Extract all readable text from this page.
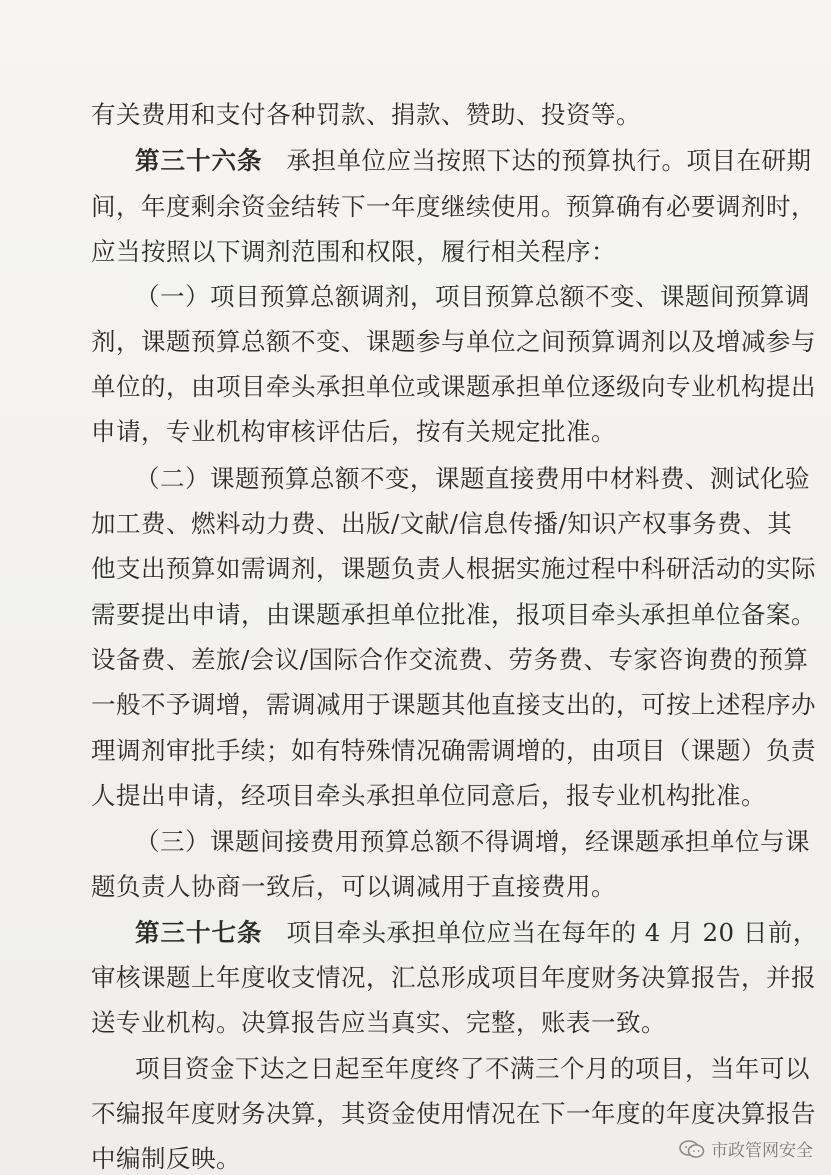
有关费用和支付各种罚款、捐款、赞助、投资等。
第三十六条 承担单位应当按照下达的预算执行。项目在研期
间，年度剩余资金结转下一年度继续使用。预算确有必要调剂时，
应当按照以下调剂范围和权限，履行相关程序：
（一）项目预算总额调剂，项目预算总额不变、课题间预算调
剂，课题预算总额不变、课题参与单位之间预算调剂以及增减参与
单位的，由项目牵头承担单位或课题承担单位逐级向专业机构提出
申请，专业机构审核评估后，按有关规定批准。
（二）课题预算总额不变，课题直接费用中材料费、测试化验
加工费、燃料动力费、出版/文献/信息传播/知识产权事务费、其
他支出预算如需调剂，课题负责人根据实施过程中科研活动的实际
需要提出申请，由课题承担单位批准，报项目牵头承担单位备案。
设备费、差旅/会议/国际合作交流费、劳务费、专家咨询费的预算
一般不予调增，需调减用于课题其他直接支出的，可按上述程序办
理调剂审批手续；如有特殊情况确需调增的，由项目（课题）负责
人提出申请，经项目牵头承担单位同意后，报专业机构批准。
（三）课题间接费用预算总额不得调增，经课题承担单位与课
题负责人协商一致后，可以调减用于直接费用。
第三十七条 项目牵头承担单位应当在每年的 4 月 20 日前，
审核课题上年度收支情况，汇总形成项目年度财务决算报告，并报
送专业机构。决算报告应当真实、完整，账表一致。
项目资金下达之日起至年度终了不满三个月的项目，当年可以
不编报年度财务决算，其资金使用情况在下一年度的年度决算报告
中编制反映。	市政管网安全
